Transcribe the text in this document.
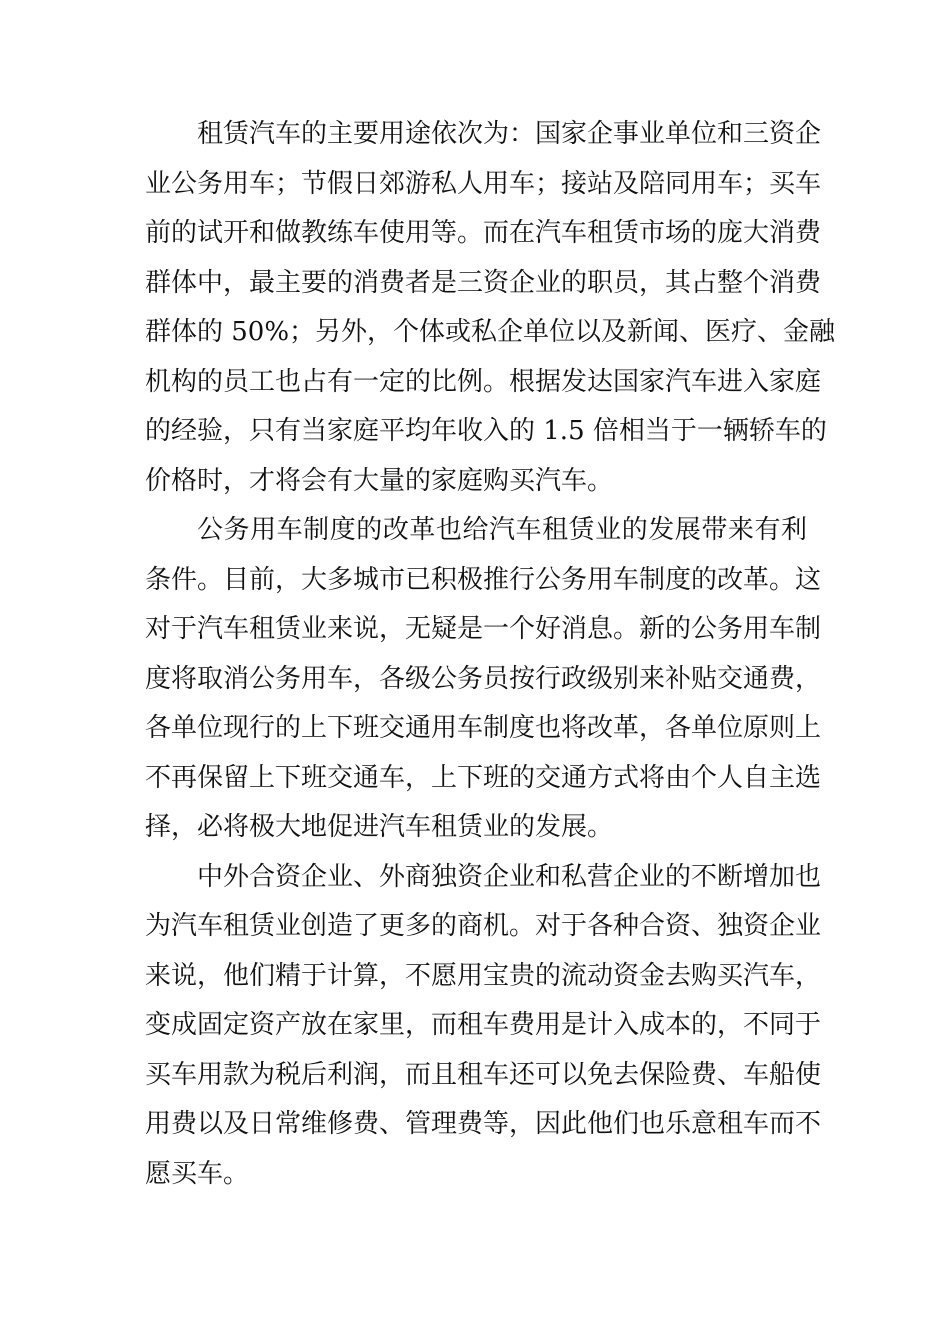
租赁汽车的主要用途依次为：国家企事业单位和三资企
业公务用车；节假日郊游私人用车；接站及陪同用车；买车
前的试开和做教练车使用等。而在汽车租赁市场的庞大消费
群体中，最主要的消费者是三资企业的职员，其占整个消费
群体的 50%；另外，个体或私企单位以及新闻、医疗、金融
机构的员工也占有一定的比例。根据发达国家汽车进入家庭
的经验，只有当家庭平均年收入的 1.5 倍相当于一辆轿车的
价格时，才将会有大量的家庭购买汽车。
公务用车制度的改革也给汽车租赁业的发展带来有利
条件。目前，大多城市已积极推行公务用车制度的改革。这
对于汽车租赁业来说，无疑是一个好消息。新的公务用车制
度将取消公务用车，各级公务员按行政级别来补贴交通费，
各单位现行的上下班交通用车制度也将改革，各单位原则上
不再保留上下班交通车，上下班的交通方式将由个人自主选
择，必将极大地促进汽车租赁业的发展。
中外合资企业、外商独资企业和私营企业的不断增加也
为汽车租赁业创造了更多的商机。对于各种合资、独资企业
来说，他们精于计算，不愿用宝贵的流动资金去购买汽车，
变成固定资产放在家里，而租车费用是计入成本的，不同于
买车用款为税后利润，而且租车还可以免去保险费、车船使
用费以及日常维修费、管理费等，因此他们也乐意租车而不
愿买车。
